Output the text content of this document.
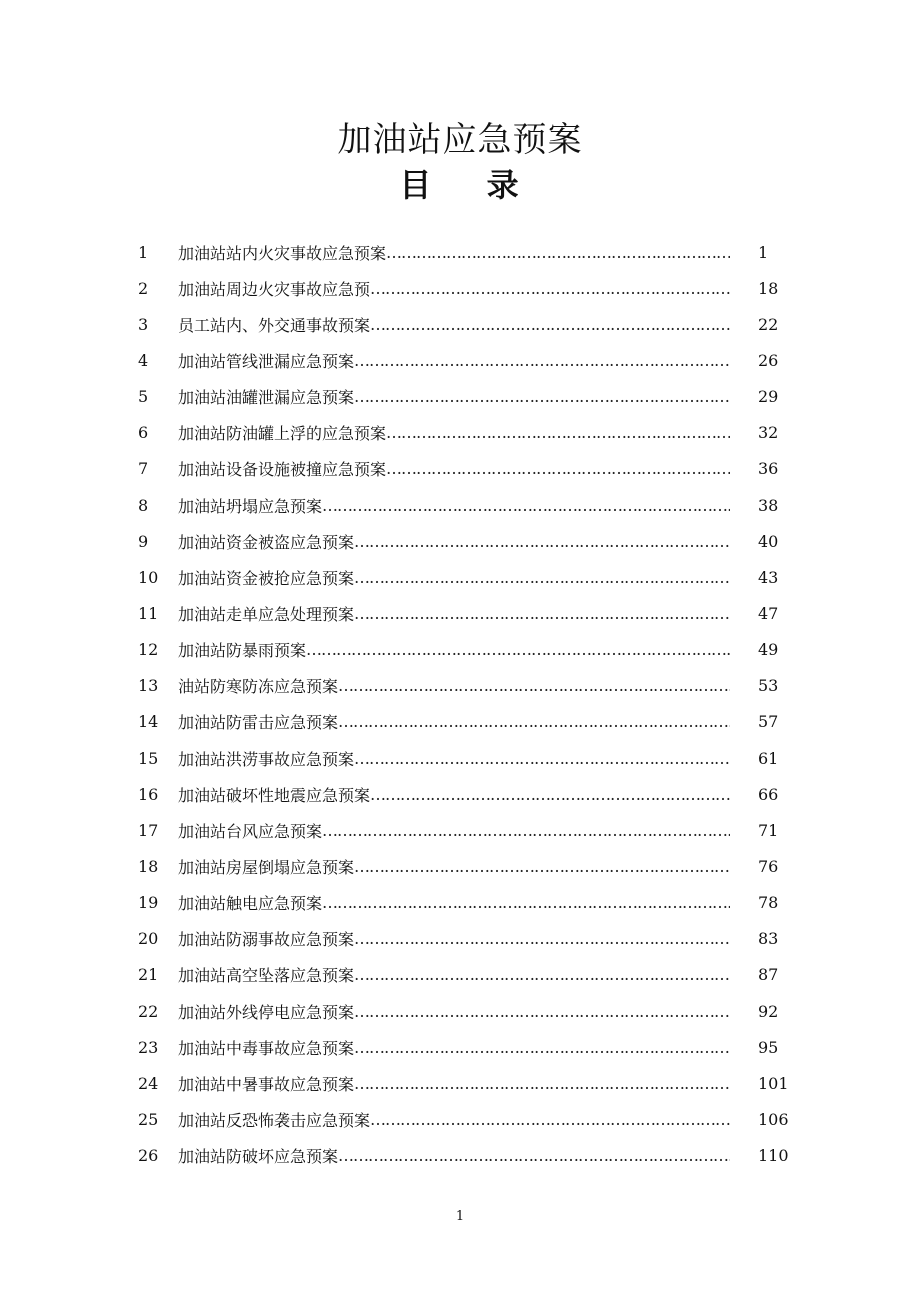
加油站应急预案
目 录
1	加油站站内火灾事故应急预案 ……………………………………………………………………………………………………………………………………	1
2	加油站周边火灾事故应急预 ……………………………………………………………………………………………………………………………………	18
3	员工站内、外交通事故预案 ……………………………………………………………………………………………………………………………………	22
4	加油站管线泄漏应急预案 ……………………………………………………………………………………………………………………………………	26
5	加油站油罐泄漏应急预案 ……………………………………………………………………………………………………………………………………	29
6	加油站防油罐上浮的应急预案 ……………………………………………………………………………………………………………………………………	32
7	加油站设备设施被撞应急预案 ……………………………………………………………………………………………………………………………………	36
8	加油站坍塌应急预案 ……………………………………………………………………………………………………………………………………	38
9	加油站资金被盗应急预案 ……………………………………………………………………………………………………………………………………	40
10	加油站资金被抢应急预案 ……………………………………………………………………………………………………………………………………	43
11	加油站走单应急处理预案 ……………………………………………………………………………………………………………………………………	47
12	加油站防暴雨预案 ……………………………………………………………………………………………………………………………………	49
13	油站防寒防冻应急预案 ……………………………………………………………………………………………………………………………………	53
14	加油站防雷击应急预案 ……………………………………………………………………………………………………………………………………	57
15	加油站洪涝事故应急预案 ……………………………………………………………………………………………………………………………………	61
16	加油站破坏性地震应急预案 ……………………………………………………………………………………………………………………………………	66
17	加油站台风应急预案 ……………………………………………………………………………………………………………………………………	71
18	加油站房屋倒塌应急预案 ……………………………………………………………………………………………………………………………………	76
19	加油站触电应急预案 ……………………………………………………………………………………………………………………………………	78
20	加油站防溺事故应急预案 ……………………………………………………………………………………………………………………………………	83
21	加油站高空坠落应急预案 ……………………………………………………………………………………………………………………………………	87
22	加油站外线停电应急预案 ……………………………………………………………………………………………………………………………………	92
23	加油站中毒事故应急预案 ……………………………………………………………………………………………………………………………………	95
24	加油站中暑事故应急预案 ……………………………………………………………………………………………………………………………………	101
25	加油站反恐怖袭击应急预案 ……………………………………………………………………………………………………………………………………	106
26	加油站防破坏应急预案 ……………………………………………………………………………………………………………………………………	110
1
